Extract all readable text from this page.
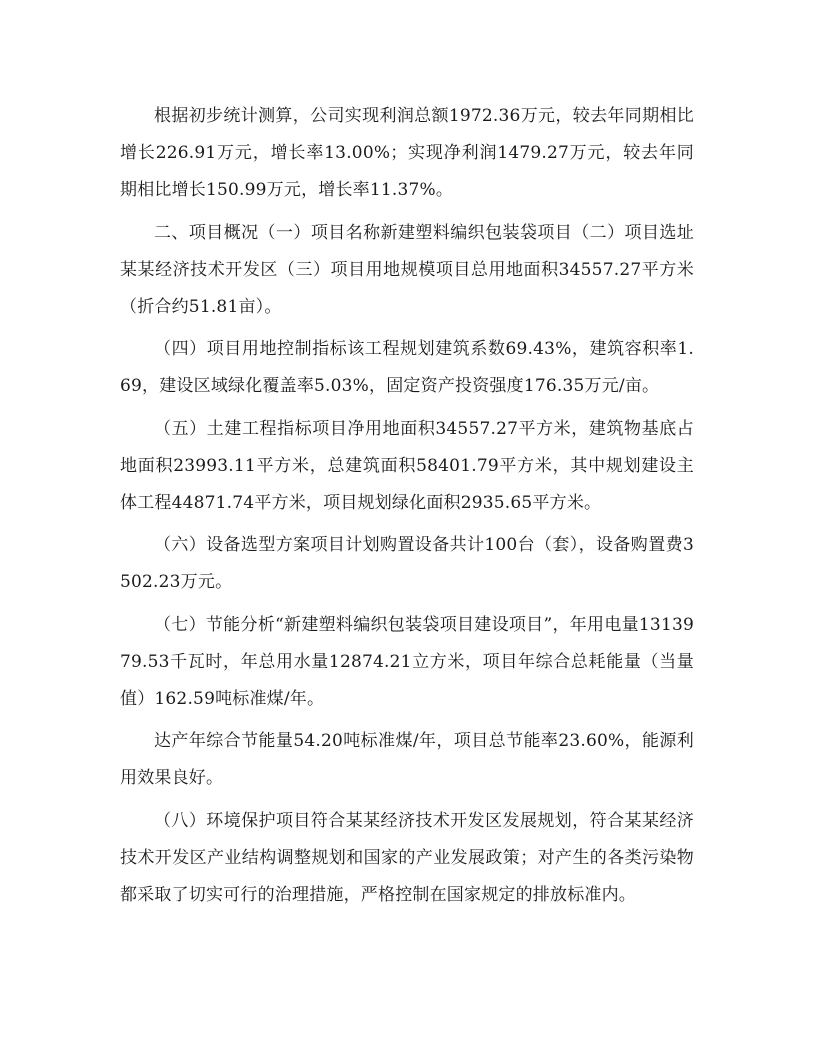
根据初步统计测算，公司实现利润总额1972.36万元，较去年同期相比增长226.91万元，增长率13.00%；实现净利润1479.27万元，较去年同期相比增长150.99万元，增长率11.37%。

二、项目概况（一）项目名称新建塑料编织包装袋项目（二）项目选址某某经济技术开发区（三）项目用地规模项目总用地面积34557.27平方米（折合约51.81亩）。

（四）项目用地控制指标该工程规划建筑系数69.43%，建筑容积率1.69，建设区域绿化覆盖率5.03%，固定资产投资强度176.35万元/亩。

（五）土建工程指标项目净用地面积34557.27平方米，建筑物基底占地面积23993.11平方米，总建筑面积58401.79平方米，其中规划建设主体工程44871.74平方米，项目规划绿化面积2935.65平方米。

（六）设备选型方案项目计划购置设备共计100台（套），设备购置费3502.23万元。

（七）节能分析“新建塑料编织包装袋项目建设项目”，年用电量1313979.53千瓦时，年总用水量12874.21立方米，项目年综合总耗能量（当量值）162.59吨标准煤/年。

达产年综合节能量54.20吨标准煤/年，项目总节能率23.60%，能源利用效果良好。

（八）环境保护项目符合某某经济技术开发区发展规划，符合某某经济技术开发区产业结构调整规划和国家的产业发展政策；对产生的各类污染物都采取了切实可行的治理措施，严格控制在国家规定的排放标准内。
